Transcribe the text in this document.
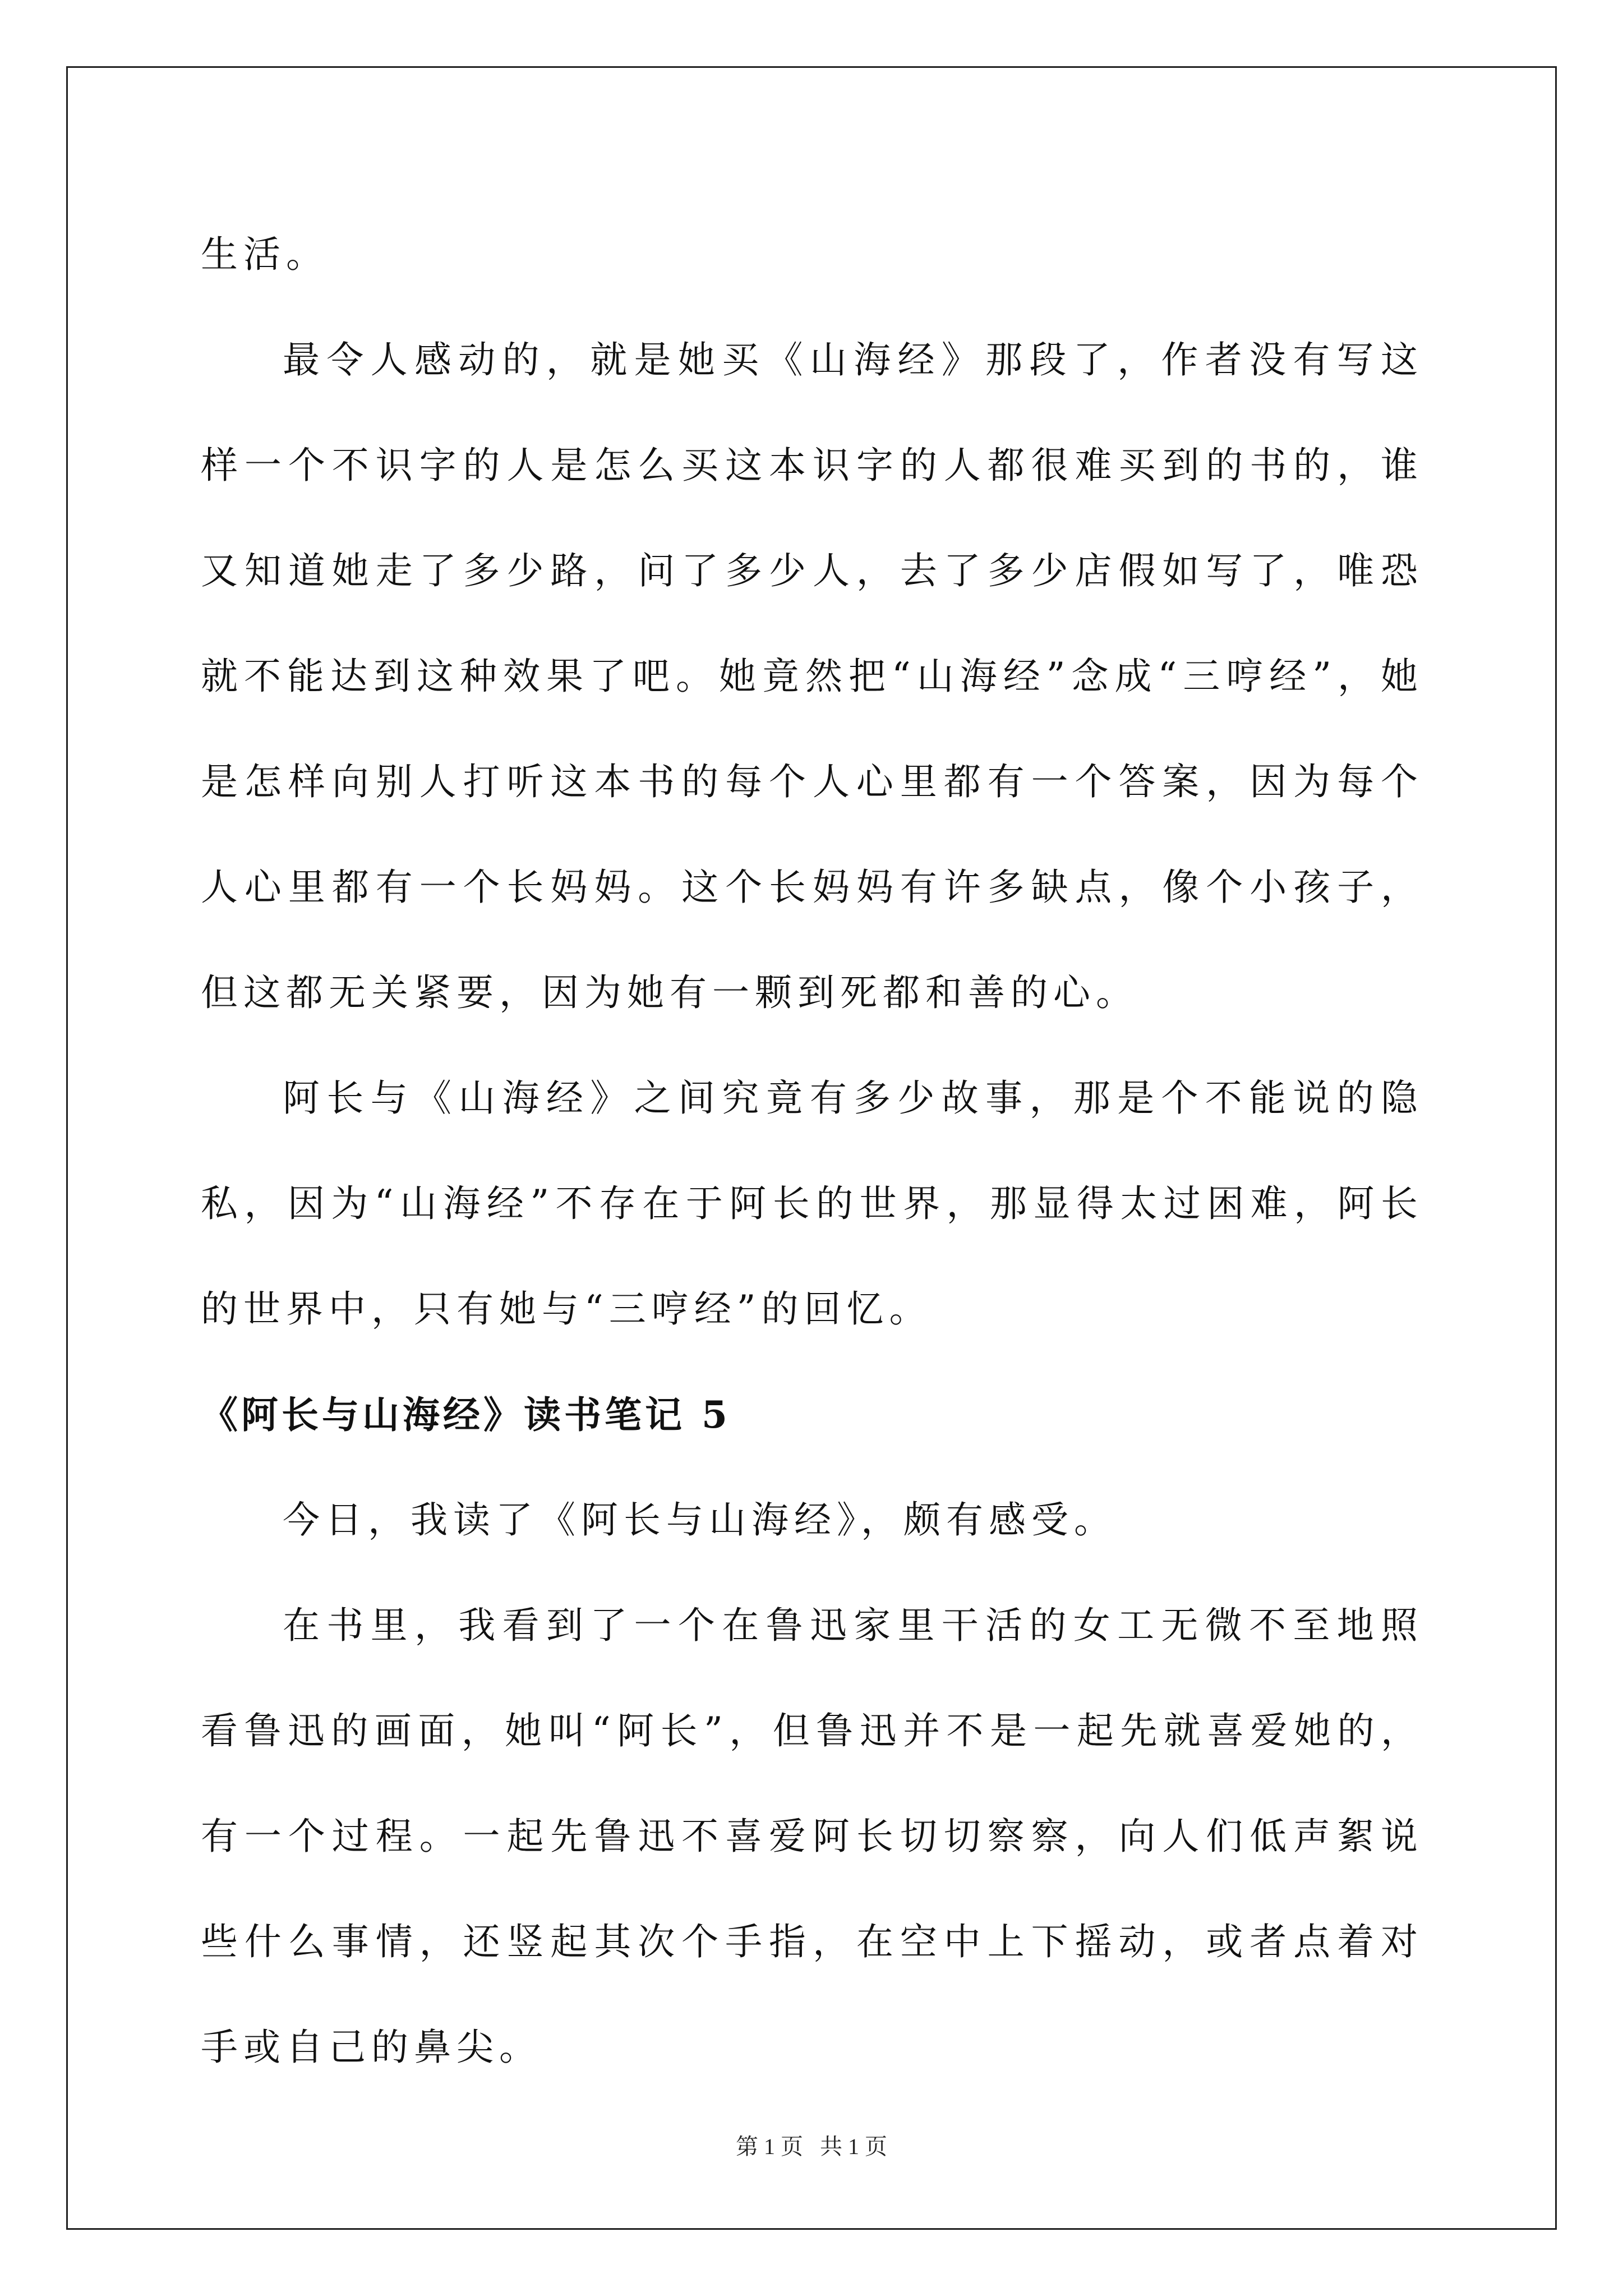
生活。

最令人感动的，就是她买《山海经》那段了，作者没有写这样一个不识字的人是怎么买这本识字的人都很难买到的书的，谁又知道她走了多少路，问了多少人，去了多少店假如写了，唯恐就不能达到这种效果了吧。她竟然把“山海经”念成“三哼经”，她是怎样向别人打听这本书的每个人心里都有一个答案，因为每个人心里都有一个长妈妈。这个长妈妈有许多缺点，像个小孩子，但这都无关紧要，因为她有一颗到死都和善的心。

阿长与《山海经》之间究竟有多少故事，那是个不能说的隐私，因为“山海经”不存在于阿长的世界，那显得太过困难，阿长的世界中，只有她与“三哼经”的回忆。

《阿长与山海经》读书笔记 5

今日，我读了《阿长与山海经》，颇有感受。

在书里，我看到了一个在鲁迅家里干活的女工无微不至地照看鲁迅的画面，她叫“阿长”，但鲁迅并不是一起先就喜爱她的，有一个过程。一起先鲁迅不喜爱阿长切切察察，向人们低声絮说些什么事情，还竖起其次个手指，在空中上下摇动，或者点着对手或自己的鼻尖。

第 1 页   共 1 页
